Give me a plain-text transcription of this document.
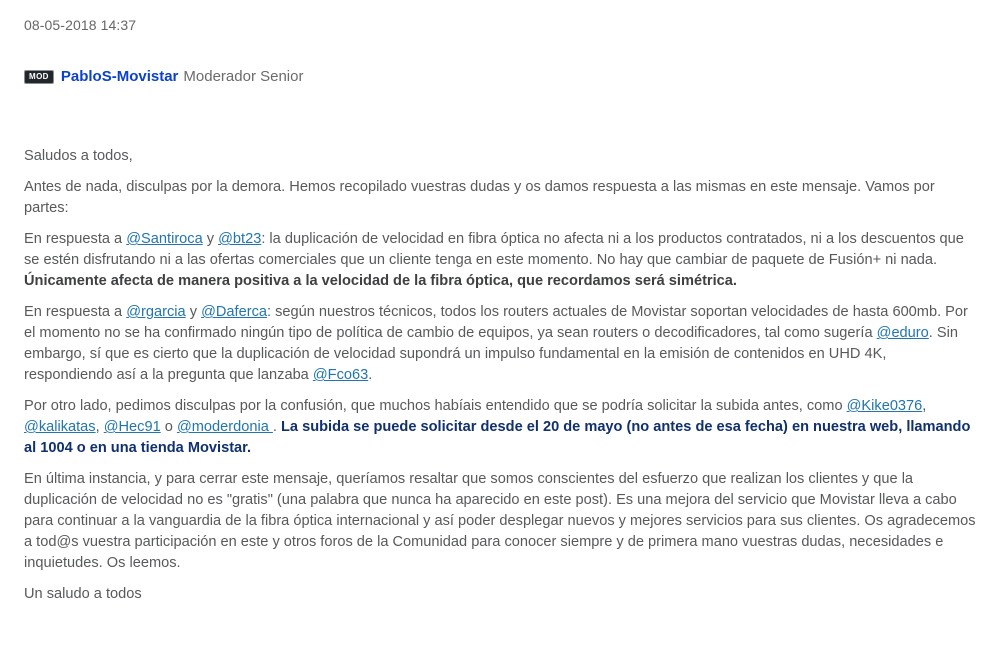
08-05-2018 14:37
MOD PabloS-Movistar Moderador Senior

Saludos a todos,

Antes de nada, disculpas por la demora. Hemos recopilado vuestras dudas y os damos respuesta a las mismas en este mensaje. Vamos por partes:

En respuesta a @Santiroca y @bt23: la duplicación de velocidad en fibra óptica no afecta ni a los productos contratados, ni a los descuentos que se estén disfrutando ni a las ofertas comerciales que un cliente tenga en este momento. No hay que cambiar de paquete de Fusión+ ni nada. Únicamente afecta de manera positiva a la velocidad de la fibra óptica, que recordamos será simétrica.

En respuesta a @rgarcia y @Daferca: según nuestros técnicos, todos los routers actuales de Movistar soportan velocidades de hasta 600mb. Por el momento no se ha confirmado ningún tipo de política de cambio de equipos, ya sean routers o decodificadores, tal como sugería @eduro. Sin embargo, sí que es cierto que la duplicación de velocidad supondrá un impulso fundamental en la emisión de contenidos en UHD 4K, respondiendo así a la pregunta que lanzaba @Fco63.

Por otro lado, pedimos disculpas por la confusión, que muchos habíais entendido que se podría solicitar la subida antes, como @Kike0376, @kalikatas, @Hec91 o @moderdonia . La subida se puede solicitar desde el 20 de mayo (no antes de esa fecha) en nuestra web, llamando al 1004 o en una tienda Movistar.

En última instancia, y para cerrar este mensaje, queríamos resaltar que somos conscientes del esfuerzo que realizan los clientes y que la duplicación de velocidad no es "gratis" (una palabra que nunca ha aparecido en este post). Es una mejora del servicio que Movistar lleva a cabo para continuar a la vanguardia de la fibra óptica internacional y así poder desplegar nuevos y mejores servicios para sus clientes. Os agradecemos a tod@s vuestra participación en este y otros foros de la Comunidad para conocer siempre y de primera mano vuestras dudas, necesidades e inquietudes. Os leemos.

Un saludo a todos
